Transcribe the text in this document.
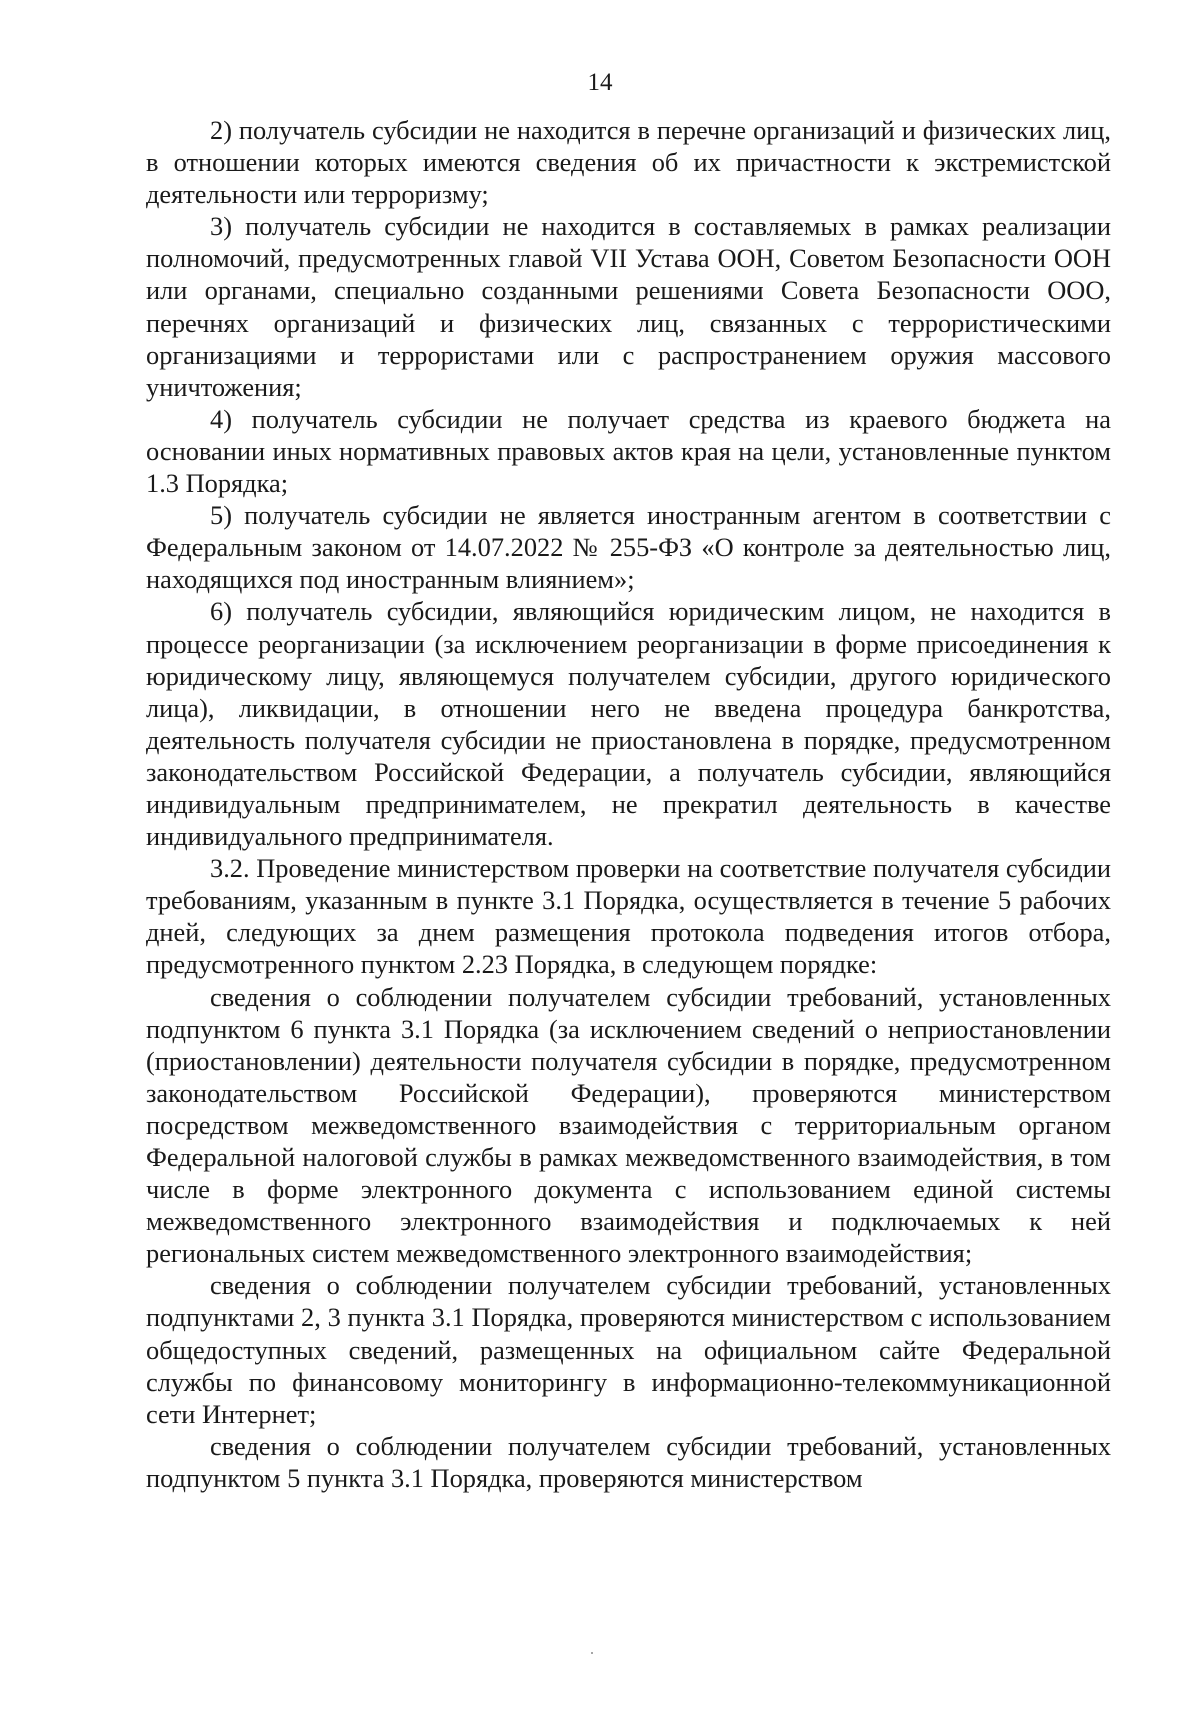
14

2) получатель субсидии не находится в перечне организаций и физических лиц, в отношении которых имеются сведения об их причастности к экстремистской деятельности или терроризму;

3) получатель субсидии не находится в составляемых в рамках реализации полномочий, предусмотренных главой VII Устава ООН, Советом Безопасности ООН или органами, специально созданными решениями Совета Безопасности ООО, перечнях организаций и физических лиц, связанных с террористическими организациями и террористами или с распространением оружия массового уничтожения;

4) получатель субсидии не получает средства из краевого бюджета на основании иных нормативных правовых актов края на цели, установленные пунктом 1.3 Порядка;

5) получатель субсидии не является иностранным агентом в соответствии с Федеральным законом от 14.07.2022 № 255-ФЗ «О контроле за деятельностью лиц, находящихся под иностранным влиянием»;

6) получатель субсидии, являющийся юридическим лицом, не находится в процессе реорганизации (за исключением реорганизации в форме присоединения к юридическому лицу, являющемуся получателем субсидии, другого юридического лица), ликвидации, в отношении него не введена процедура банкротства, деятельность получателя субсидии не приостановлена в порядке, предусмотренном законодательством Российской Федерации, а получатель субсидии, являющийся индивидуальным предпринимателем, не прекратил деятельность в качестве индивидуального предпринимателя.

3.2. Проведение министерством проверки на соответствие получателя субсидии требованиям, указанным в пункте 3.1 Порядка, осуществляется в течение 5 рабочих дней, следующих за днем размещения протокола подведения итогов отбора, предусмотренного пунктом 2.23 Порядка, в следующем порядке:

сведения о соблюдении получателем субсидии требований, установленных подпунктом 6 пункта 3.1 Порядка (за исключением сведений о неприостановлении (приостановлении) деятельности получателя субсидии в порядке, предусмотренном законодательством Российской Федерации), проверяются министерством посредством межведомственного взаимодействия с территориальным органом Федеральной налоговой службы в рамках межведомственного взаимодействия, в том числе в форме электронного документа с использованием единой системы межведомственного электронного взаимодействия и подключаемых к ней региональных систем межведомственного электронного взаимодействия;

сведения о соблюдении получателем субсидии требований, установленных подпунктами 2, 3 пункта 3.1 Порядка, проверяются министерством с использованием общедоступных сведений, размещенных на официальном сайте Федеральной службы по финансовому мониторингу в информационно-телекоммуникационной сети Интернет;

сведения о соблюдении получателем субсидии требований, установленных подпунктом 5 пункта 3.1 Порядка, проверяются министерством
